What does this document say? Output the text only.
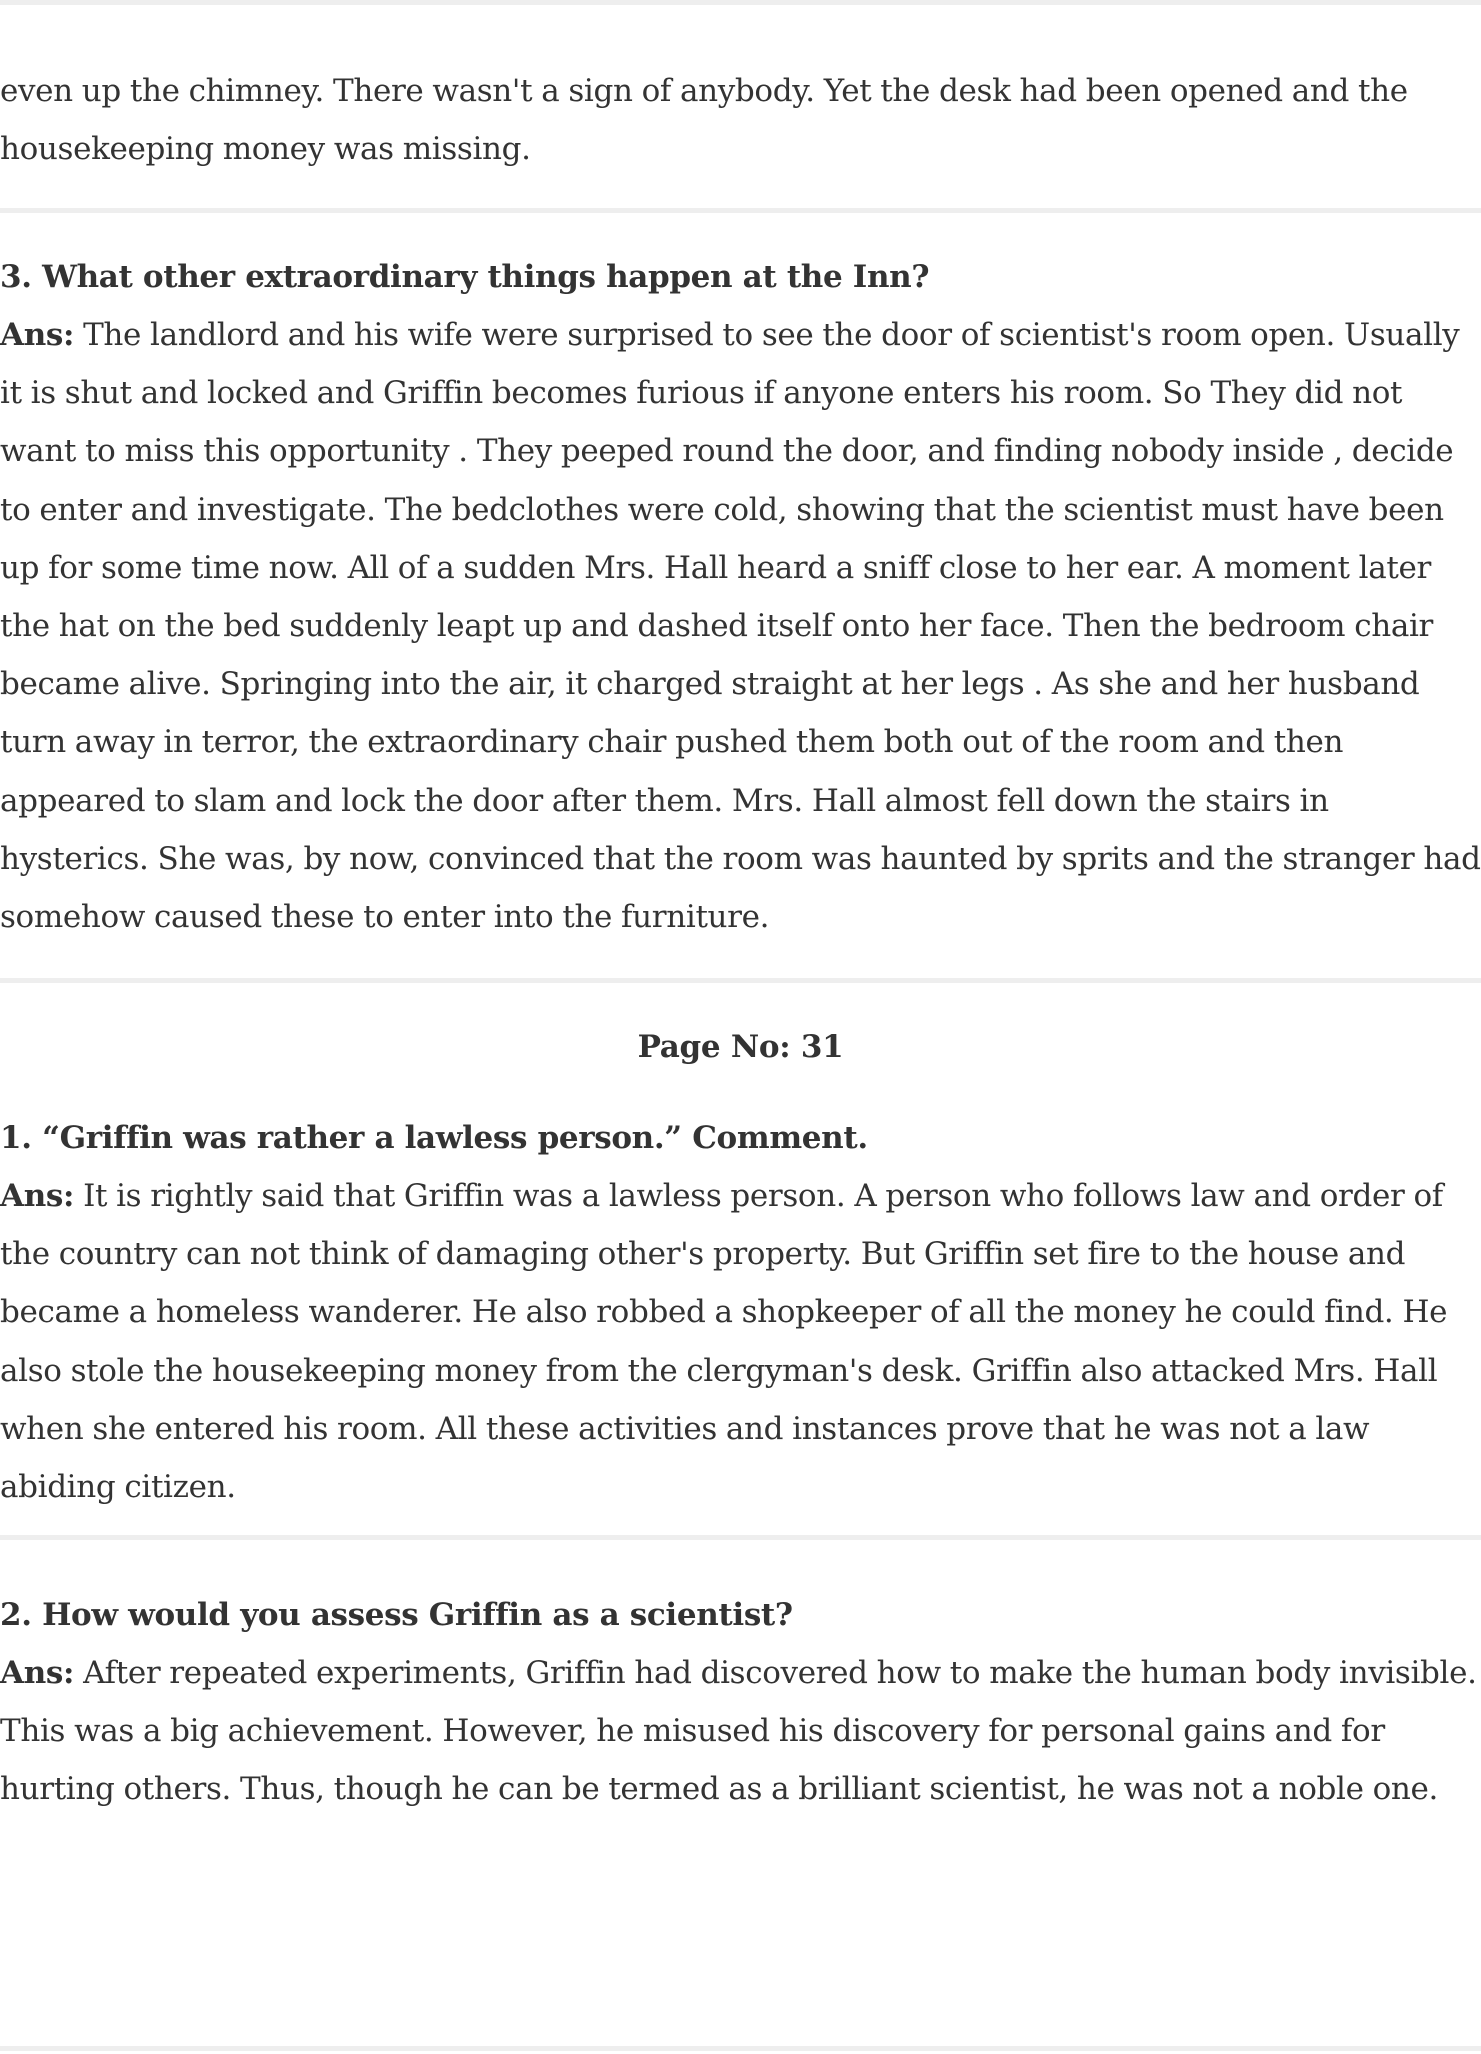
even up the chimney. There wasn't a sign of anybody. Yet the desk had been opened and the housekeeping money was missing.

3. What other extraordinary things happen at the Inn?

Ans: The landlord and his wife were surprised to see the door of scientist's room open. Usually it is shut and locked and Griffin becomes furious if anyone enters his room. So They did not want to miss this opportunity . They peeped round the door, and finding nobody inside , decide to enter and investigate. The bedclothes were cold, showing that the scientist must have been up for some time now. All of a sudden Mrs. Hall heard a sniff close to her ear. A moment later the hat on the bed suddenly leapt up and dashed itself onto her face. Then the bedroom chair became alive. Springing into the air, it charged straight at her legs . As she and her husband turn away in terror, the extraordinary chair pushed them both out of the room and then appeared to slam and lock the door after them. Mrs. Hall almost fell down the stairs in hysterics. She was, by now, convinced that the room was haunted by sprits and the stranger had somehow caused these to enter into the furniture.

Page No: 31

1. “Griffin was rather a lawless person.” Comment.

Ans: It is rightly said that Griffin was a lawless person. A person who follows law and order of the country can not think of damaging other's property. But Griffin set fire to the house and became a homeless wanderer. He also robbed a shopkeeper of all the money he could find. He also stole the housekeeping money from the clergyman's desk. Griffin also attacked Mrs. Hall when she entered his room. All these activities and instances prove that he was not a law abiding citizen.

2. How would you assess Griffin as a scientist?

Ans: After repeated experiments, Griffin had discovered how to make the human body invisible. This was a big achievement. However, he misused his discovery for personal gains and for hurting others. Thus, though he can be termed as a brilliant scientist, he was not a noble one.
